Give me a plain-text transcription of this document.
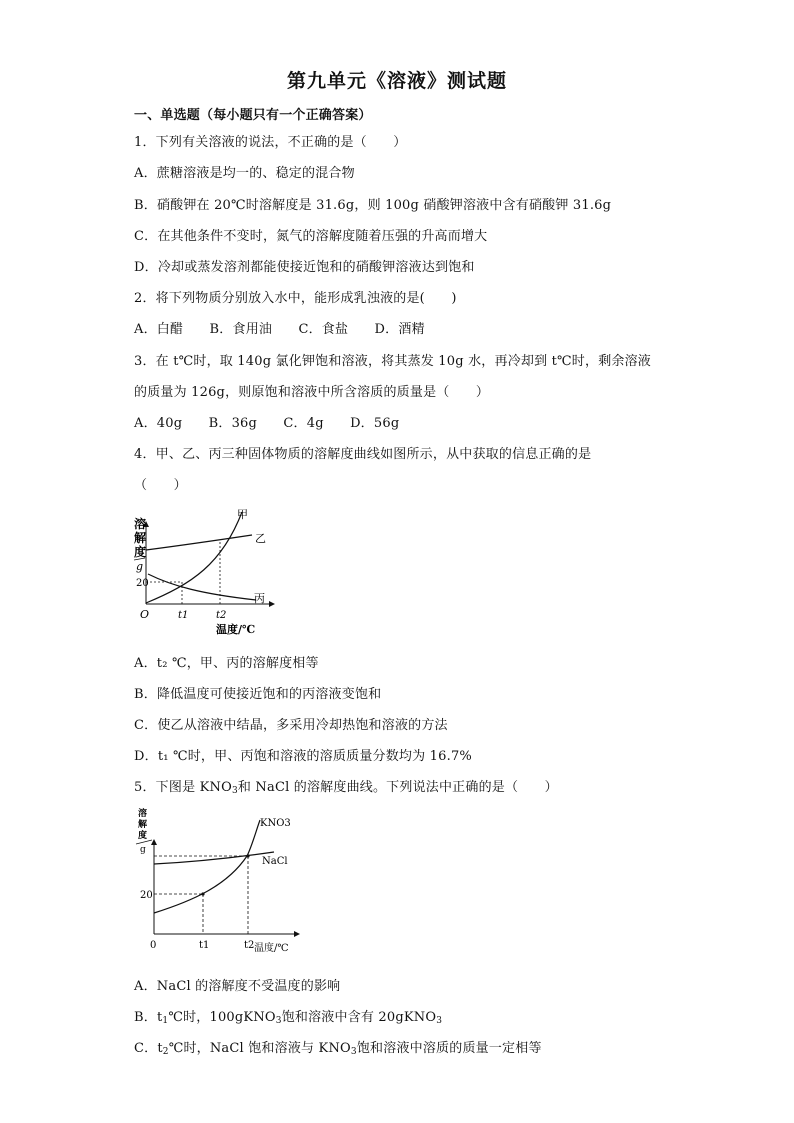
第九单元《溶液》测试题
一、单选题（每小题只有一个正确答案）
1．下列有关溶液的说法，不正确的是（　　）
A．蔗糖溶液是均一的、稳定的混合物
B．硝酸钾在 20℃时溶解度是 31.6g，则 100g 硝酸钾溶液中含有硝酸钾 31.6g
C．在其他条件不变时，氮气的溶解度随着压强的升高而增大
D．冷却或蒸发溶剂都能使接近饱和的硝酸钾溶液达到饱和
2．将下列物质分别放入水中，能形成乳浊液的是(　　)
A．白醋 B．食用油 C．食盐 D．酒精
3．在 t℃时，取 140g 氯化钾饱和溶液，将其蒸发 10g 水，再冷却到 t℃时，剩余溶液
的质量为 126g，则原饱和溶液中所含溶质的质量是（　　）
A．40g B．36g C．4g D．56g
4．甲、乙、丙三种固体物质的溶解度曲线如图所示，从中获取的信息正确的是
（　　）
溶
解
度
g
20
O	t1	t2
温度/℃
甲
乙
丙
A．t₂ ℃，甲、丙的溶解度相等
B．降低温度可使接近饱和的丙溶液变饱和
C．使乙从溶液中结晶，多采用冷却热饱和溶液的方法
D．t₁ ℃时，甲、丙饱和溶液的溶质质量分数均为 16.7%
5．下图是 $KNO_3$和 NaCl 的溶解度曲线。下列说法中正确的是（　　）
溶
解
度
g
20
0	t1	t2 温度/℃
KNO3
NaCl
A．NaCl 的溶解度不受温度的影响
B．$t_1℃$时，100gKNO$_3$饱和溶液中含有 20gKNO$_3$
C．$t_2℃$时，NaCl 饱和溶液与 $KNO_3$饱和溶液中溶质的质量一定相等
